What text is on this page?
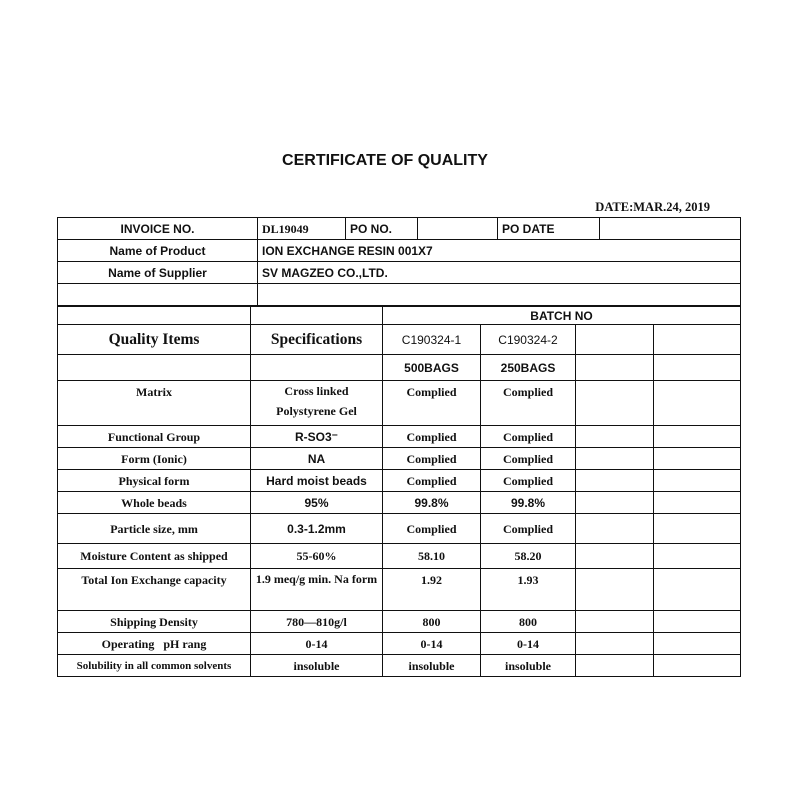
CERTIFICATE OF QUALITY
DATE:MAR.24, 2019
INVOICE NO.	DL19049	PO NO.		PO DATE	
Name of Product	ION EXCHANGE RESIN 001X7				
Name of Supplier	SV MAGZEO CO.,LTD.				

		BATCH NO			
Quality Items	Specifications	C190324-1	C190324-2		
		500BAGS	250BAGS		
Matrix	Cross linked Polystyrene Gel	Complied	Complied		
Functional Group	R-SO3⁻	Complied	Complied		
Form (Ionic)	NA	Complied	Complied		
Physical form	Hard moist beads	Complied	Complied		
Whole beads	95%	99.8%	99.8%		
Particle size, mm	0.3-1.2mm	Complied	Complied		
Moisture Content as shipped	55-60%	58.10	58.20		
Total Ion Exchange capacity	1.9 meq/g min. Na form	1.92	1.93		
Shipping Density	780—810g/l	800	800		
Operating   pH rang	0-14	0-14	0-14		
Solubility in all common solvents	insoluble	insoluble	insoluble		
